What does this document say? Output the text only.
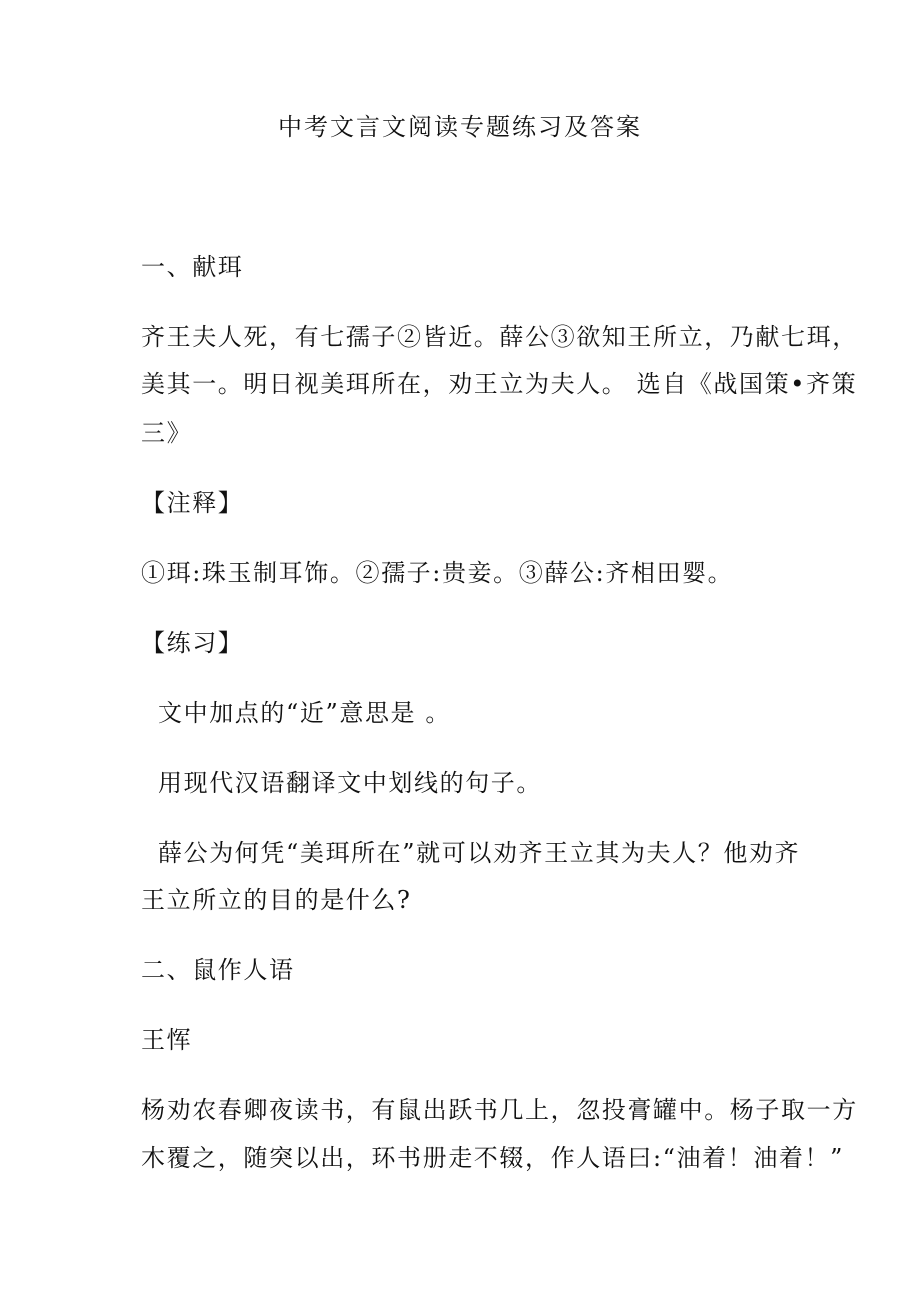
中考文言文阅读专题练习及答案
一、献珥
齐王夫人死，有七孺子②皆近。薛公③欲知王所立，乃献七珥，
美其一。明日视美珥所在，劝王立为夫人。 选自《战国策•齐策
三》
【注释】
①珥:珠玉制耳饰。②孺子:贵妾。③薛公:齐相田婴。
【练习】
文中加点的“近”意思是 。
用现代汉语翻译文中划线的句子。
薛公为何凭“美珥所在”就可以劝齐王立其为夫人？他劝齐
王立所立的目的是什么?
二、鼠作人语
王恽
杨劝农春卿夜读书，有鼠出跃书几上，忽投膏罐中。杨子取一方
木覆之，随突以出，环书册走不辍，作人语曰:“油着！油着！”
